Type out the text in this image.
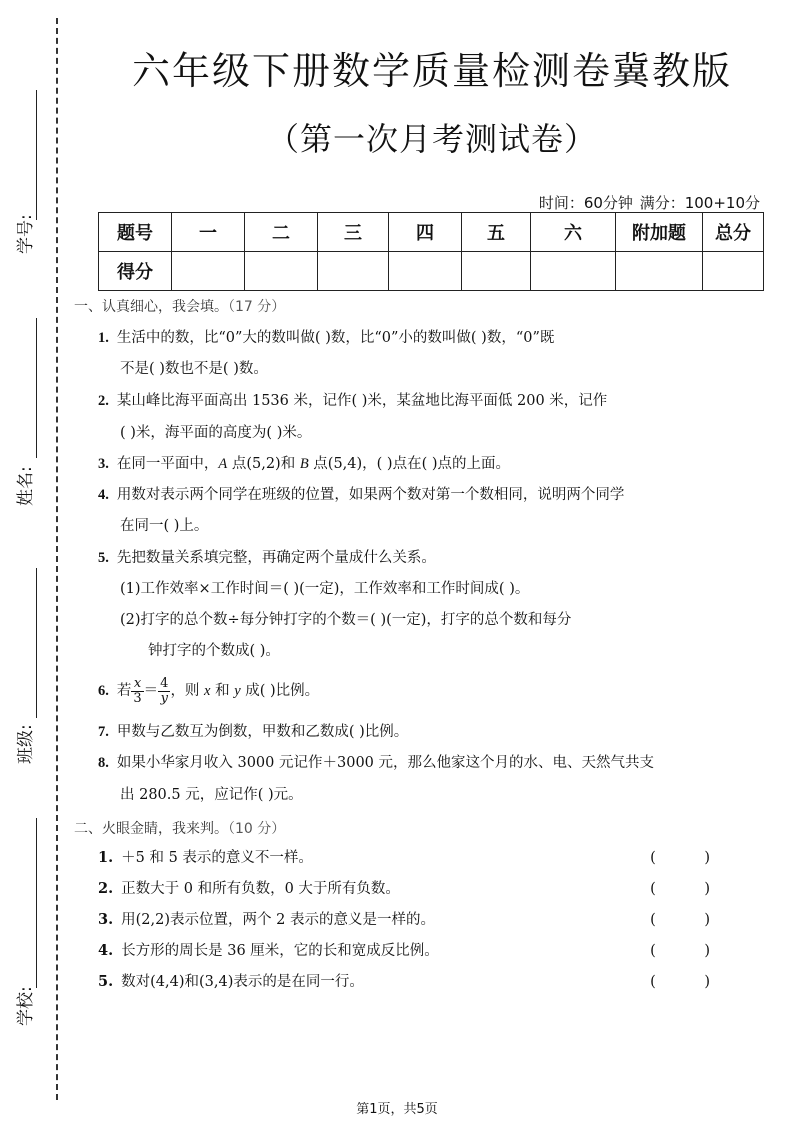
学号:
姓名:
班级:
学校:
六年级下册数学质量检测卷冀教版
（第一次月考测试卷）
时间：60分钟 满分：100+10分
题号	一	二	三	四	五	六	附加题	总分
得分								
一、认真细心，我会填。（17 分）
1. 生活中的数，比“0”大的数叫做( )数，比“0”小的数叫做( )数，“0”既
不是( )数也不是( )数。
2. 某山峰比海平面高出 1536 米，记作( )米，某盆地比海平面低 200 米，记作
( )米，海平面的高度为( )米。
3. 在同一平面中，A 点(5,2)和 B 点(5,4)，( )点在( )点的上面。
4. 用数对表示两个同学在班级的位置，如果两个数对第一个数相同，说明两个同学
在同一( )上。
5. 先把数量关系填完整，再确定两个量成什么关系。
(1)工作效率×工作时间＝( )(一定)，工作效率和工作时间成( )。
(2)打字的总个数÷每分钟打字的个数＝( )(一定)，打字的总个数和每分
钟打字的个数成( )。
6. 若 $\frac{x}{3} = \frac{4}{y}$ ，则 x 和 y 成( )比例。
7. 甲数与乙数互为倒数，甲数和乙数成( )比例。
8. 如果小华家月收入 3000 元记作＋3000 元，那么他家这个月的水、电、天然气共支
出 280.5 元，应记作( )元。
二、火眼金睛，我来判。（10 分）
1. ＋5 和 5 表示的意义不一样。	( )
2. 正数大于 0 和所有负数，0 大于所有负数。	( )
3. 用(2,2)表示位置，两个 2 表示的意义是一样的。	( )
4. 长方形的周长是 36 厘米，它的长和宽成反比例。	( )
5. 数对(4,4)和(3,4)表示的是在同一行。	( )
第1页，共5页
